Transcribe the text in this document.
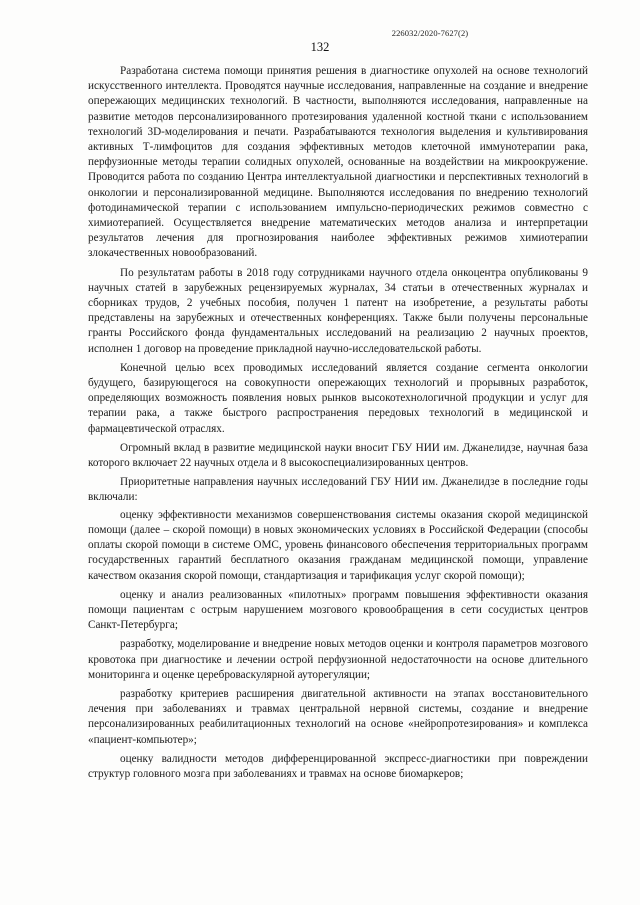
226032/2020-7627(2)
132

Разработана система помощи принятия решения в диагностике опухолей на основе технологий искусственного интеллекта. Проводятся научные исследования, направленные на создание и внедрение опережающих медицинских технологий. В частности, выполняются исследования, направленные на развитие методов персонализированного протезирования удаленной костной ткани с использованием технологий 3D-моделирования и печати. Разрабатываются технология выделения и культивирования активных Т-лимфоцитов для создания эффективных методов клеточной иммунотерапии рака, перфузионные методы терапии солидных опухолей, основанные на воздействии на микроокружение. Проводится работа по созданию Центра интеллектуальной диагностики и перспективных технологий в онкологии и персонализированной медицине. Выполняются исследования по внедрению технологий фотодинамической терапии с использованием импульсно-периодических режимов совместно с химиотерапией. Осуществляется внедрение математических методов анализа и интерпретации результатов лечения для прогнозирования наиболее эффективных режимов химиотерапии злокачественных новообразований.

По результатам работы в 2018 году сотрудниками научного отдела онкоцентра опубликованы 9 научных статей в зарубежных рецензируемых журналах, 34 статьи в отечественных журналах и сборниках трудов, 2 учебных пособия, получен 1 патент на изобретение, а результаты работы представлены на зарубежных и отечественных конференциях. Также были получены персональные гранты Российского фонда фундаментальных исследований на реализацию 2 научных проектов, исполнен 1 договор на проведение прикладной научно-исследовательской работы.

Конечной целью всех проводимых исследований является создание сегмента онкологии будущего, базирующегося на совокупности опережающих технологий и прорывных разработок, определяющих возможность появления новых рынков высокотехнологичной продукции и услуг для терапии рака, а также быстрого распространения передовых технологий в медицинской и фармацевтической отраслях.

Огромный вклад в развитие медицинской науки вносит ГБУ НИИ им. Джанелидзе, научная база которого включает 22 научных отдела и 8 высокоспециализированных центров.

Приоритетные направления научных исследований ГБУ НИИ им. Джанелидзе в последние годы включали:

оценку эффективности механизмов совершенствования системы оказания скорой медицинской помощи (далее – скорой помощи) в новых экономических условиях в Российской Федерации (способы оплаты скорой помощи в системе ОМС, уровень финансового обеспечения территориальных программ государственных гарантий бесплатного оказания гражданам медицинской помощи, управление качеством оказания скорой помощи, стандартизация и тарификация услуг скорой помощи);

оценку и анализ реализованных «пилотных» программ повышения эффективности оказания помощи пациентам с острым нарушением мозгового кровообращения в сети сосудистых центров Санкт-Петербурга;

разработку, моделирование и внедрение новых методов оценки и контроля параметров мозгового кровотока при диагностике и лечении острой перфузионной недостаточности на основе длительного мониторинга и оценке цереброваскулярной ауторегуляции;

разработку критериев расширения двигательной активности на этапах восстановительного лечения при заболеваниях и травмах центральной нервной системы, создание и внедрение персонализированных реабилитационных технологий на основе «нейропротезирования» и комплекса «пациент-компьютер»;

оценку валидности методов дифференцированной экспресс-диагностики при повреждении структур головного мозга при заболеваниях и травмах на основе биомаркеров;
